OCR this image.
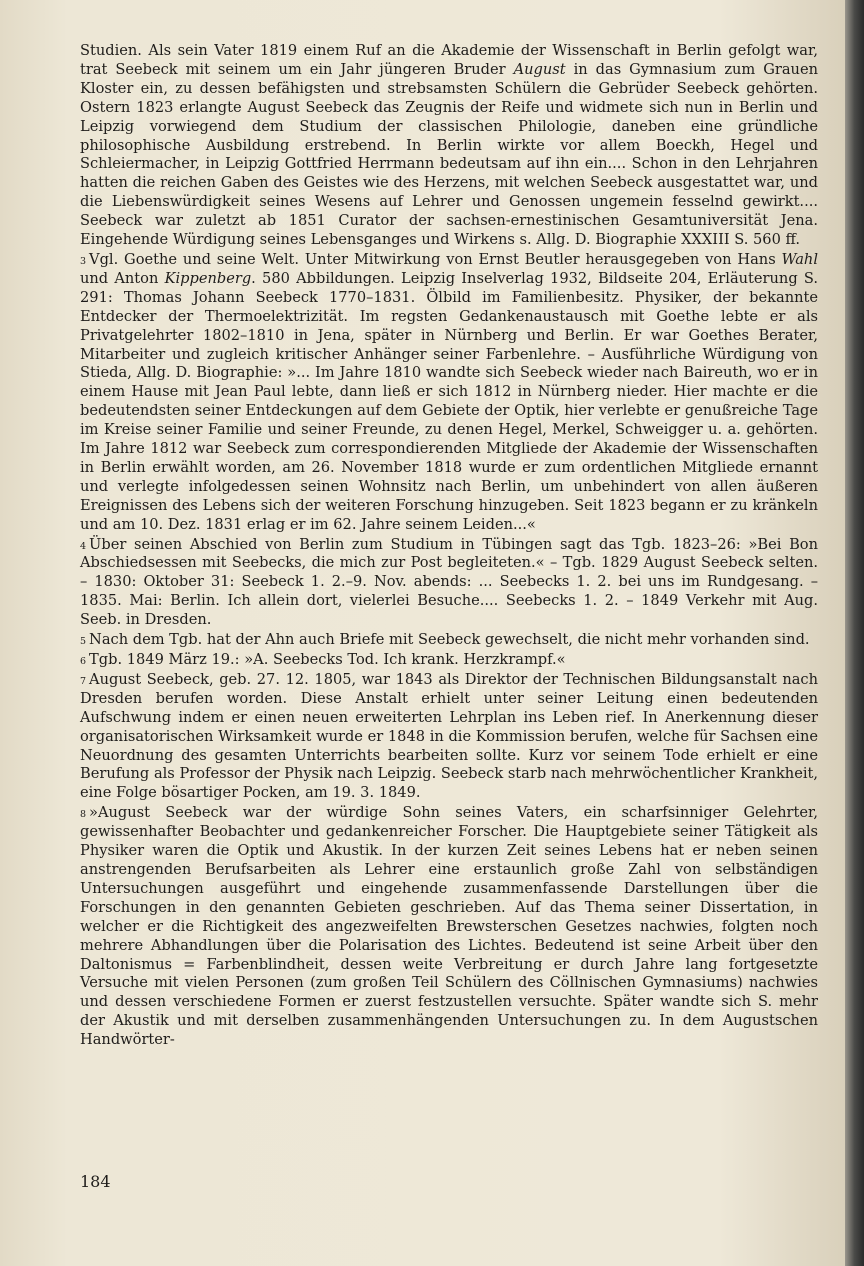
Studien. Als sein Vater 1819 einem Ruf an die Akademie der Wissenschaft in Berlin gefolgt war, trat Seebeck mit seinem um ein Jahr jüngeren Bruder August in das Gymnasium zum Grauen Kloster ein, zu dessen befähigsten und strebsamsten Schülern die Gebrüder Seebeck gehörten. Ostern 1823 erlangte August Seebeck das Zeugnis der Reife und widmete sich nun in Berlin und Leipzig vorwiegend dem Studium der classischen Philologie, daneben eine gründliche philosophische Ausbildung erstrebend. In Berlin wirkte vor allem Boeckh, Hegel und Schleiermacher, in Leipzig Gottfried Herrmann bedeutsam auf ihn ein.... Schon in den Lehrjahren hatten die reichen Gaben des Geistes wie des Herzens, mit welchen Seebeck ausgestattet war, und die Liebenswürdigkeit seines Wesens auf Lehrer und Genossen ungemein fesselnd gewirkt.... Seebeck war zuletzt ab 1851 Curator der sachsen-ernestinischen Gesamtuniversität Jena. Eingehende Würdigung seines Lebensganges und Wirkens s. Allg. D. Biographie XXXIII S. 560 ff.

$^3$ Vgl. Goethe und seine Welt. Unter Mitwirkung von Ernst Beutler herausgegeben von Hans Wahl und Anton Kippenberg. 580 Abbildungen. Leipzig Inselverlag 1932, Bildseite 204, Erläuterung S. 291: Thomas Johann Seebeck 1770–1831. Ölbild im Familienbesitz. Physiker, der bekannte Entdecker der Thermoelektrizität. Im regsten Gedankenaustausch mit Goethe lebte er als Privatgelehrter 1802–1810 in Jena, später in Nürnberg und Berlin. Er war Goethes Berater, Mitarbeiter und zugleich kritischer Anhänger seiner Farbenlehre. – Ausführliche Würdigung von Stieda, Allg. D. Biographie: »... Im Jahre 1810 wandte sich Seebeck wieder nach Baireuth, wo er in einem Hause mit Jean Paul lebte, dann ließ er sich 1812 in Nürnberg nieder. Hier machte er die bedeutendsten seiner Entdeckungen auf dem Gebiete der Optik, hier verlebte er genußreiche Tage im Kreise seiner Familie und seiner Freunde, zu denen Hegel, Merkel, Schweigger u. a. gehörten. Im Jahre 1812 war Seebeck zum correspondierenden Mitgliede der Akademie der Wissenschaften in Berlin erwählt worden, am 26. November 1818 wurde er zum ordentlichen Mitgliede ernannt und verlegte infolgedessen seinen Wohnsitz nach Berlin, um unbehindert von allen äußeren Ereignissen des Lebens sich der weiteren Forschung hinzugeben. Seit 1823 begann er zu kränkeln und am 10. Dez. 1831 erlag er im 62. Jahre seinem Leiden...«

$^4$ Über seinen Abschied von Berlin zum Studium in Tübingen sagt das Tgb. 1823–26: »Bei Bon Abschiedsessen mit Seebecks, die mich zur Post begleiteten.« – Tgb. 1829 August Seebeck selten. – 1830: Oktober 31: Seebeck 1. 2.–9. Nov. abends: ... Seebecks 1. 2. bei uns im Rundgesang. – 1835. Mai: Berlin. Ich allein dort, vielerlei Besuche.... Seebecks 1. 2. – 1849 Verkehr mit Aug. Seeb. in Dresden.

$^5$ Nach dem Tgb. hat der Ahn auch Briefe mit Seebeck gewechselt, die nicht mehr vorhanden sind.

$^6$ Tgb. 1849 März 19.: »A. Seebecks Tod. Ich krank. Herzkrampf.«

$^7$ August Seebeck, geb. 27. 12. 1805, war 1843 als Direktor der Technischen Bildungsanstalt nach Dresden berufen worden. Diese Anstalt erhielt unter seiner Leitung einen bedeutenden Aufschwung indem er einen neuen erweiterten Lehrplan ins Leben rief. In Anerkennung dieser organisatorischen Wirksamkeit wurde er 1848 in die Kommission berufen, welche für Sachsen eine Neuordnung des gesamten Unterrichts bearbeiten sollte. Kurz vor seinem Tode erhielt er eine Berufung als Professor der Physik nach Leipzig. Seebeck starb nach mehrwöchentlicher Krankheit, eine Folge bösartiger Pocken, am 19. 3. 1849.

$^8$ »August Seebeck war der würdige Sohn seines Vaters, ein scharfsinniger Gelehrter, gewissenhafter Beobachter und gedankenreicher Forscher. Die Hauptgebiete seiner Tätigkeit als Physiker waren die Optik und Akustik. In der kurzen Zeit seines Lebens hat er neben seinen anstrengenden Berufsarbeiten als Lehrer eine erstaunlich große Zahl von selbständigen Untersuchungen ausgeführt und eingehende zusammenfassende Darstellungen über die Forschungen in den genannten Gebieten geschrieben. Auf das Thema seiner Dissertation, in welcher er die Richtigkeit des angezweifelten Brewsterschen Gesetzes nachwies, folgten noch mehrere Abhandlungen über die Polarisation des Lichtes. Bedeutend ist seine Arbeit über den Daltonismus = Farbenblindheit, dessen weite Verbreitung er durch Jahre lang fortgesetzte Versuche mit vielen Personen (zum großen Teil Schülern des Cöllnischen Gymnasiums) nachwies und dessen verschiedene Formen er zuerst festzustellen versuchte. Später wandte sich S. mehr der Akustik und mit derselben zusammenhängenden Untersuchungen zu. In dem Augustschen Handwörter-

184
